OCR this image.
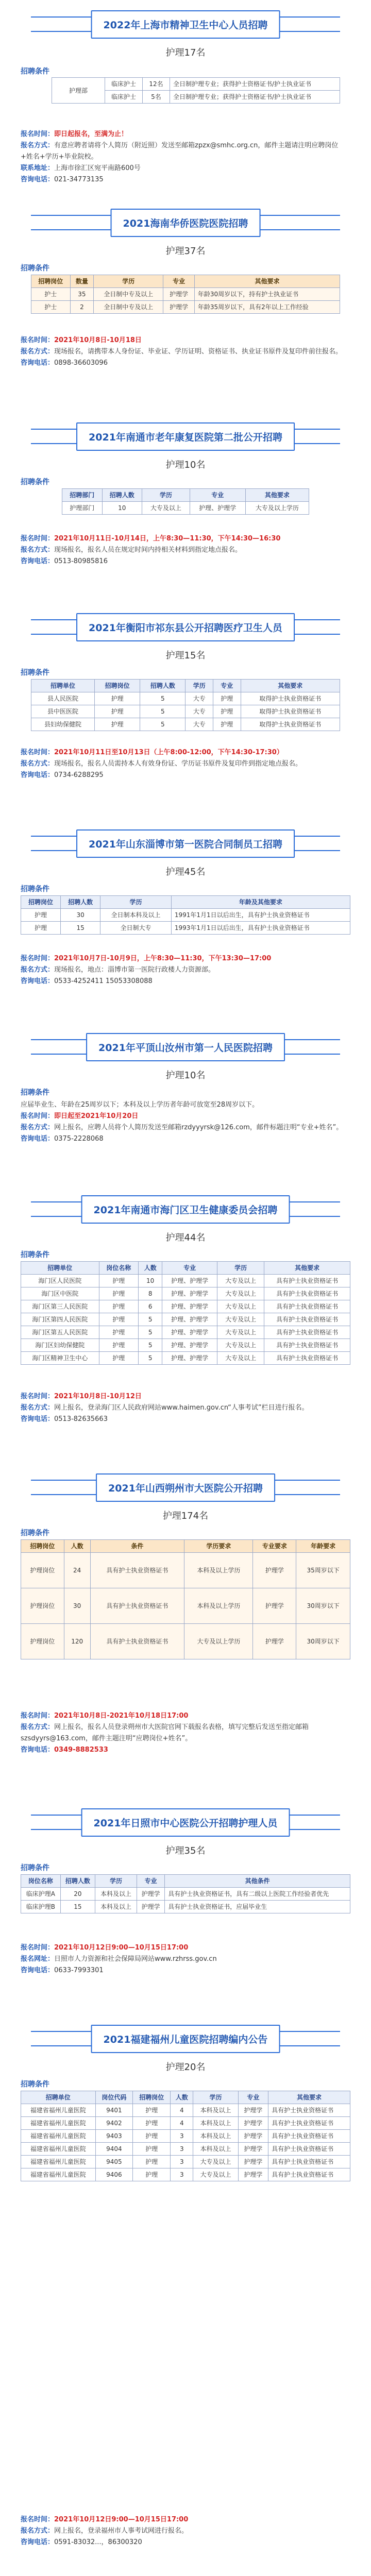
2022年上海市精神卫生中心人员招聘
护理17名
招聘条件
护理部	临床护士	12名	全日制护理专业；获得护士资格证书/护士执业证书
	临床护士	5名	全日制护理专业；获得护士资格证书/护士执业证书
报名时间：即日起报名，至满为止！
报名方式：有意应聘者请将个人简历（附近照）发送至邮箱zpzx@smhc.org.cn，邮件主题请注明应聘岗位+姓名+学历+毕业院校。
联系地址：上海市徐汇区宛平南路600号
咨询电话：021-34773135
2021海南华侨医院医院招聘
护理37名
招聘条件
招聘岗位	数量	学历	专业	其他要求
护士	35	全日制中专及以上	护理学	年龄30周岁以下，持有护士执业证书
护士	2	全日制中专及以上	护理学	年龄35周岁以下，具有2年以上工作经验
报名时间：2021年10月8日-10月18日
报名方式：现场报名，请携带本人身份证、毕业证、学历证明、资格证书、执业证书原件及复印件前往报名。
咨询电话：0898-36603096
2021年南通市老年康复医院第二批公开招聘
护理10名
招聘条件
招聘部门	招聘人数	学历	专业	其他要求
护理部门	10	大专及以上	护理、护理学	大专及以上学历
报名时间：2021年10月11日-10月14日，上午8:30—11:30，下午14:30—16:30
报名方式：现场报名，报名人员在规定时间内持相关材料到指定地点报名。
咨询电话：0513-80985816
2021年衡阳市祁东县公开招聘医疗卫生人员
护理15名
招聘条件
招聘单位	招聘岗位	招聘人数	学历	专业	其他要求
县人民医院	护理	5	大专	护理	取得护士执业资格证书
县中医医院	护理	5	大专	护理	取得护士执业资格证书
县妇幼保健院	护理	5	大专	护理	取得护士执业资格证书
报名时间：2021年10月11日至10月13日（上午8:00-12:00，下午14:30-17:30）
报名方式：现场报名，报名人员需持本人有效身份证、学历证书原件及复印件到指定地点报名。
咨询电话：0734-6288295
2021年山东淄博市第一医院合同制员工招聘
护理45名
招聘条件
招聘岗位	招聘人数	学历	年龄及其他要求
护理	30	全日制本科及以上	1991年1月1日以后出生，具有护士执业资格证书
护理	15	全日制大专	1993年1月1日以后出生，具有护士执业资格证书
报名时间：2021年10月7日-10月9日，上午8:30—11:30，下午13:30—17:00
报名方式：现场报名，地点：淄博市第一医院行政楼人力资源部。
咨询电话：0533-4252411 15053308088
2021年平顶山汝州市第一人民医院招聘
护理10名
招聘条件
应届毕业生、年龄在25周岁以下；本科及以上学历者年龄可放宽至28周岁以下。
报名时间：即日起至2021年10月20日
报名方式：网上报名，应聘人员将个人简历发送至邮箱rzdyyyrsk@126.com，邮件标题注明“专业+姓名”。
咨询电话：0375-2228068
2021年南通市海门区卫生健康委员会招聘
护理44名
招聘条件
招聘单位	岗位名称	人数	专业	学历	其他要求
海门区人民医院	护理	10	护理、护理学	大专及以上	具有护士执业资格证书
海门区中医院	护理	8	护理、护理学	大专及以上	具有护士执业资格证书
海门区第三人民医院	护理	6	护理、护理学	大专及以上	具有护士执业资格证书
海门区第四人民医院	护理	5	护理、护理学	大专及以上	具有护士执业资格证书
海门区第五人民医院	护理	5	护理、护理学	大专及以上	具有护士执业资格证书
海门区妇幼保健院	护理	5	护理、护理学	大专及以上	具有护士执业资格证书
海门区精神卫生中心	护理	5	护理、护理学	大专及以上	具有护士执业资格证书
报名时间：2021年10月8日-10月12日
报名方式：网上报名，登录海门区人民政府网站www.haimen.gov.cn“人事考试”栏目进行报名。
咨询电话：0513-82635663
2021年山西朔州市大医院公开招聘
护理174名
招聘条件
招聘岗位	人数	条件	学历要求	专业要求	年龄要求
护理岗位	24	具有护士执业资格证书	本科及以上学历	护理学	35周岁以下
护理岗位	30	具有护士执业资格证书	本科及以上学历	护理学	30周岁以下
护理岗位	120	具有护士执业资格证书	大专及以上学历	护理学	30周岁以下
报名时间：2021年10月8日-2021年10月18日17:00
报名方式：网上报名，报名人员登录朔州市大医院官网下载报名表格，填写完整后发送至指定邮箱szsdyyrs@163.com，邮件主题注明“应聘岗位+姓名”。
咨询电话：0349-8882533
2021年日照市中心医院公开招聘护理人员
护理35名
招聘条件
岗位名称	招聘人数	学历	专业	其他条件
临床护理A	20	本科及以上	护理学	具有护士执业资格证书，具有二级以上医院工作经验者优先
临床护理B	15	本科及以上	护理学	具有护士执业资格证书，应届毕业生
报名时间：2021年10月12日9:00—10月15日17:00
报名网址：日照市人力资源和社会保障局网站www.rzhrss.gov.cn
咨询电话：0633-7993301
2021福建福州儿童医院招聘编内公告
护理20名
招聘条件
招聘单位	岗位代码	招聘岗位	人数	学历	专业	其他要求
福建省福州儿童医院	9401	护理	4	本科及以上	护理学	具有护士执业资格证书
福建省福州儿童医院	9402	护理	4	本科及以上	护理学	具有护士执业资格证书
福建省福州儿童医院	9403	护理	3	本科及以上	护理学	具有护士执业资格证书
福建省福州儿童医院	9404	护理	3	本科及以上	护理学	具有护士执业资格证书
福建省福州儿童医院	9405	护理	3	大专及以上	护理学	具有护士执业资格证书
福建省福州儿童医院	9406	护理	3	大专及以上	护理学	具有护士执业资格证书
报名时间：2021年10月12日9:00—10月15日17:00
报名方式：网上报名，登录福州市人事考试网进行报名。
咨询电话：0591-83032...，86300320
